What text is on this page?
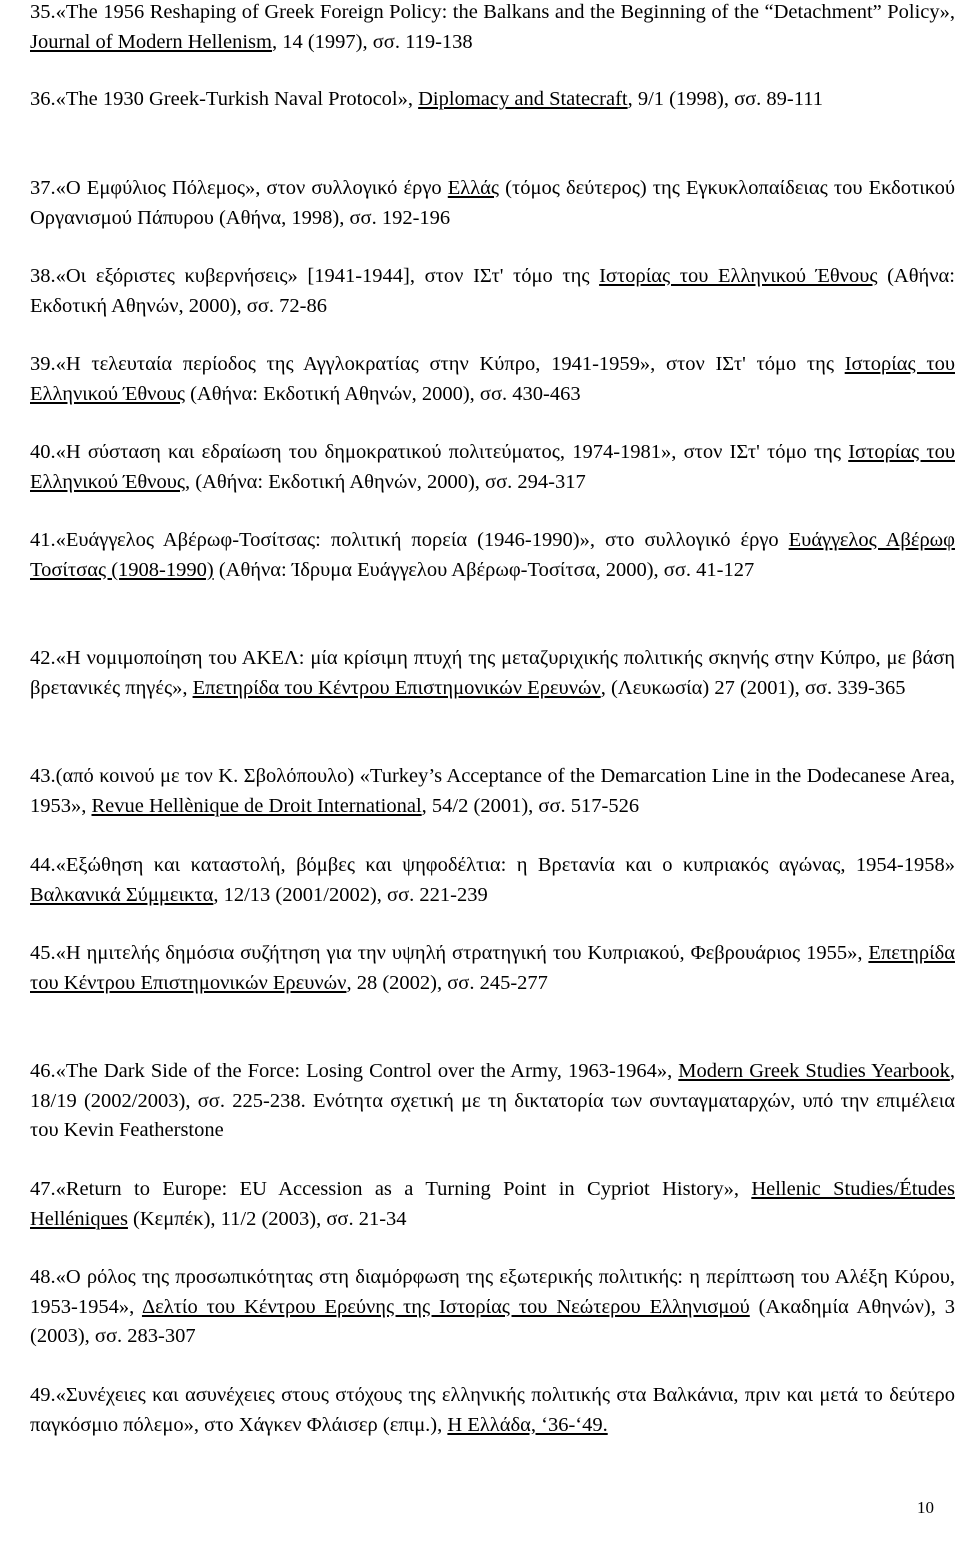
35.«The 1956 Reshaping of Greek Foreign Policy: the Balkans and the Beginning of the “Detachment” Policy», Journal of Modern Hellenism, 14 (1997), σσ. 119-138
36.«The 1930 Greek-Turkish Naval Protocol», Diplomacy and Statecraft, 9/1 (1998), σσ. 89-111
37.«Ο Εμφύλιος Πόλεμος», στον συλλογικό έργο Ελλάς (τόμος δεύτερος) της Εγκυκλοπαίδειας του Εκδοτικού Οργανισμού Πάπυρου (Αθήνα, 1998), σσ. 192-196
38.«Οι εξόριστες κυβερνήσεις» [1941-1944], στον ΙΣτ' τόμο της Ιστορίας του Ελληνικού Έθνους (Αθήνα: Εκδοτική Αθηνών, 2000), σσ. 72-86
39.«Η τελευταία περίοδος της Αγγλοκρατίας στην Κύπρο, 1941-1959», στον ΙΣτ' τόμο της Ιστορίας του Ελληνικού Έθνους (Αθήνα: Εκδοτική Αθηνών, 2000), σσ. 430-463
40.«Η σύσταση και εδραίωση του δημοκρατικού πολιτεύματος, 1974-1981», στον ΙΣτ' τόμο της Ιστορίας του Ελληνικού Έθνους, (Αθήνα: Εκδοτική Αθηνών, 2000), σσ. 294-317
41.«Ευάγγελος Αβέρωφ-Τοσίτσας: πολιτική πορεία (1946-1990)», στο συλλογικό έργο Ευάγγελος Αβέρωφ Τοσίτσας (1908-1990) (Αθήνα: Ίδρυμα Ευάγγελου Αβέρωφ-Τοσίτσα, 2000), σσ. 41-127
42.«Η νομιμοποίηση του ΑΚΕΛ: μία κρίσιμη πτυχή της μεταζυριχικής πολιτικής σκηνής στην Κύπρο, με βάση βρετανικές πηγές», Επετηρίδα του Κέντρου Επιστημονικών Ερευνών, (Λευκωσία) 27 (2001), σσ. 339-365
43.(από κοινού με τον Κ. Σβολόπουλο) «Turkey’s Acceptance of the Demarcation Line in the Dodecanese Area, 1953», Revue Hellènique de Droit International, 54/2 (2001), σσ. 517-526
44.«Εξώθηση και καταστολή, βόμβες και ψηφοδέλτια: η Βρετανία και ο κυπριακός αγώνας, 1954-1958» Βαλκανικά Σύμμεικτα, 12/13 (2001/2002), σσ. 221-239
45.«Η ημιτελής δημόσια συζήτηση για την υψηλή στρατηγική του Κυπριακού, Φεβρουάριος 1955», Επετηρίδα του Κέντρου Επιστημονικών Ερευνών, 28 (2002), σσ. 245-277
46.«The Dark Side of the Force: Losing Control over the Army, 1963-1964», Modern Greek Studies Yearbook, 18/19 (2002/2003), σσ. 225-238. Ενότητα σχετική με τη δικτατορία των συνταγματαρχών, υπό την επιμέλεια του Kevin Featherstone
47.«Return to Europe: EU Accession as a Turning Point in Cypriot History», Hellenic Studies/Études Helléniques (Κεμπέκ), 11/2 (2003), σσ. 21-34
48.«Ο ρόλος της προσωπικότητας στη διαμόρφωση της εξωτερικής πολιτικής: η περίπτωση του Αλέξη Κύρου, 1953-1954», Δελτίο του Κέντρου Ερεύνης της Ιστορίας του Νεώτερου Ελληνισμού (Ακαδημία Αθηνών), 3 (2003), σσ. 283-307
49.«Συνέχειες και ασυνέχειες στους στόχους της ελληνικής πολιτικής στα Βαλκάνια, πριν και μετά το δεύτερο παγκόσμιο πόλεμο», στο Χάγκεν Φλάισερ (επιμ.), Η Ελλάδα, ‘36-‘49.
10
